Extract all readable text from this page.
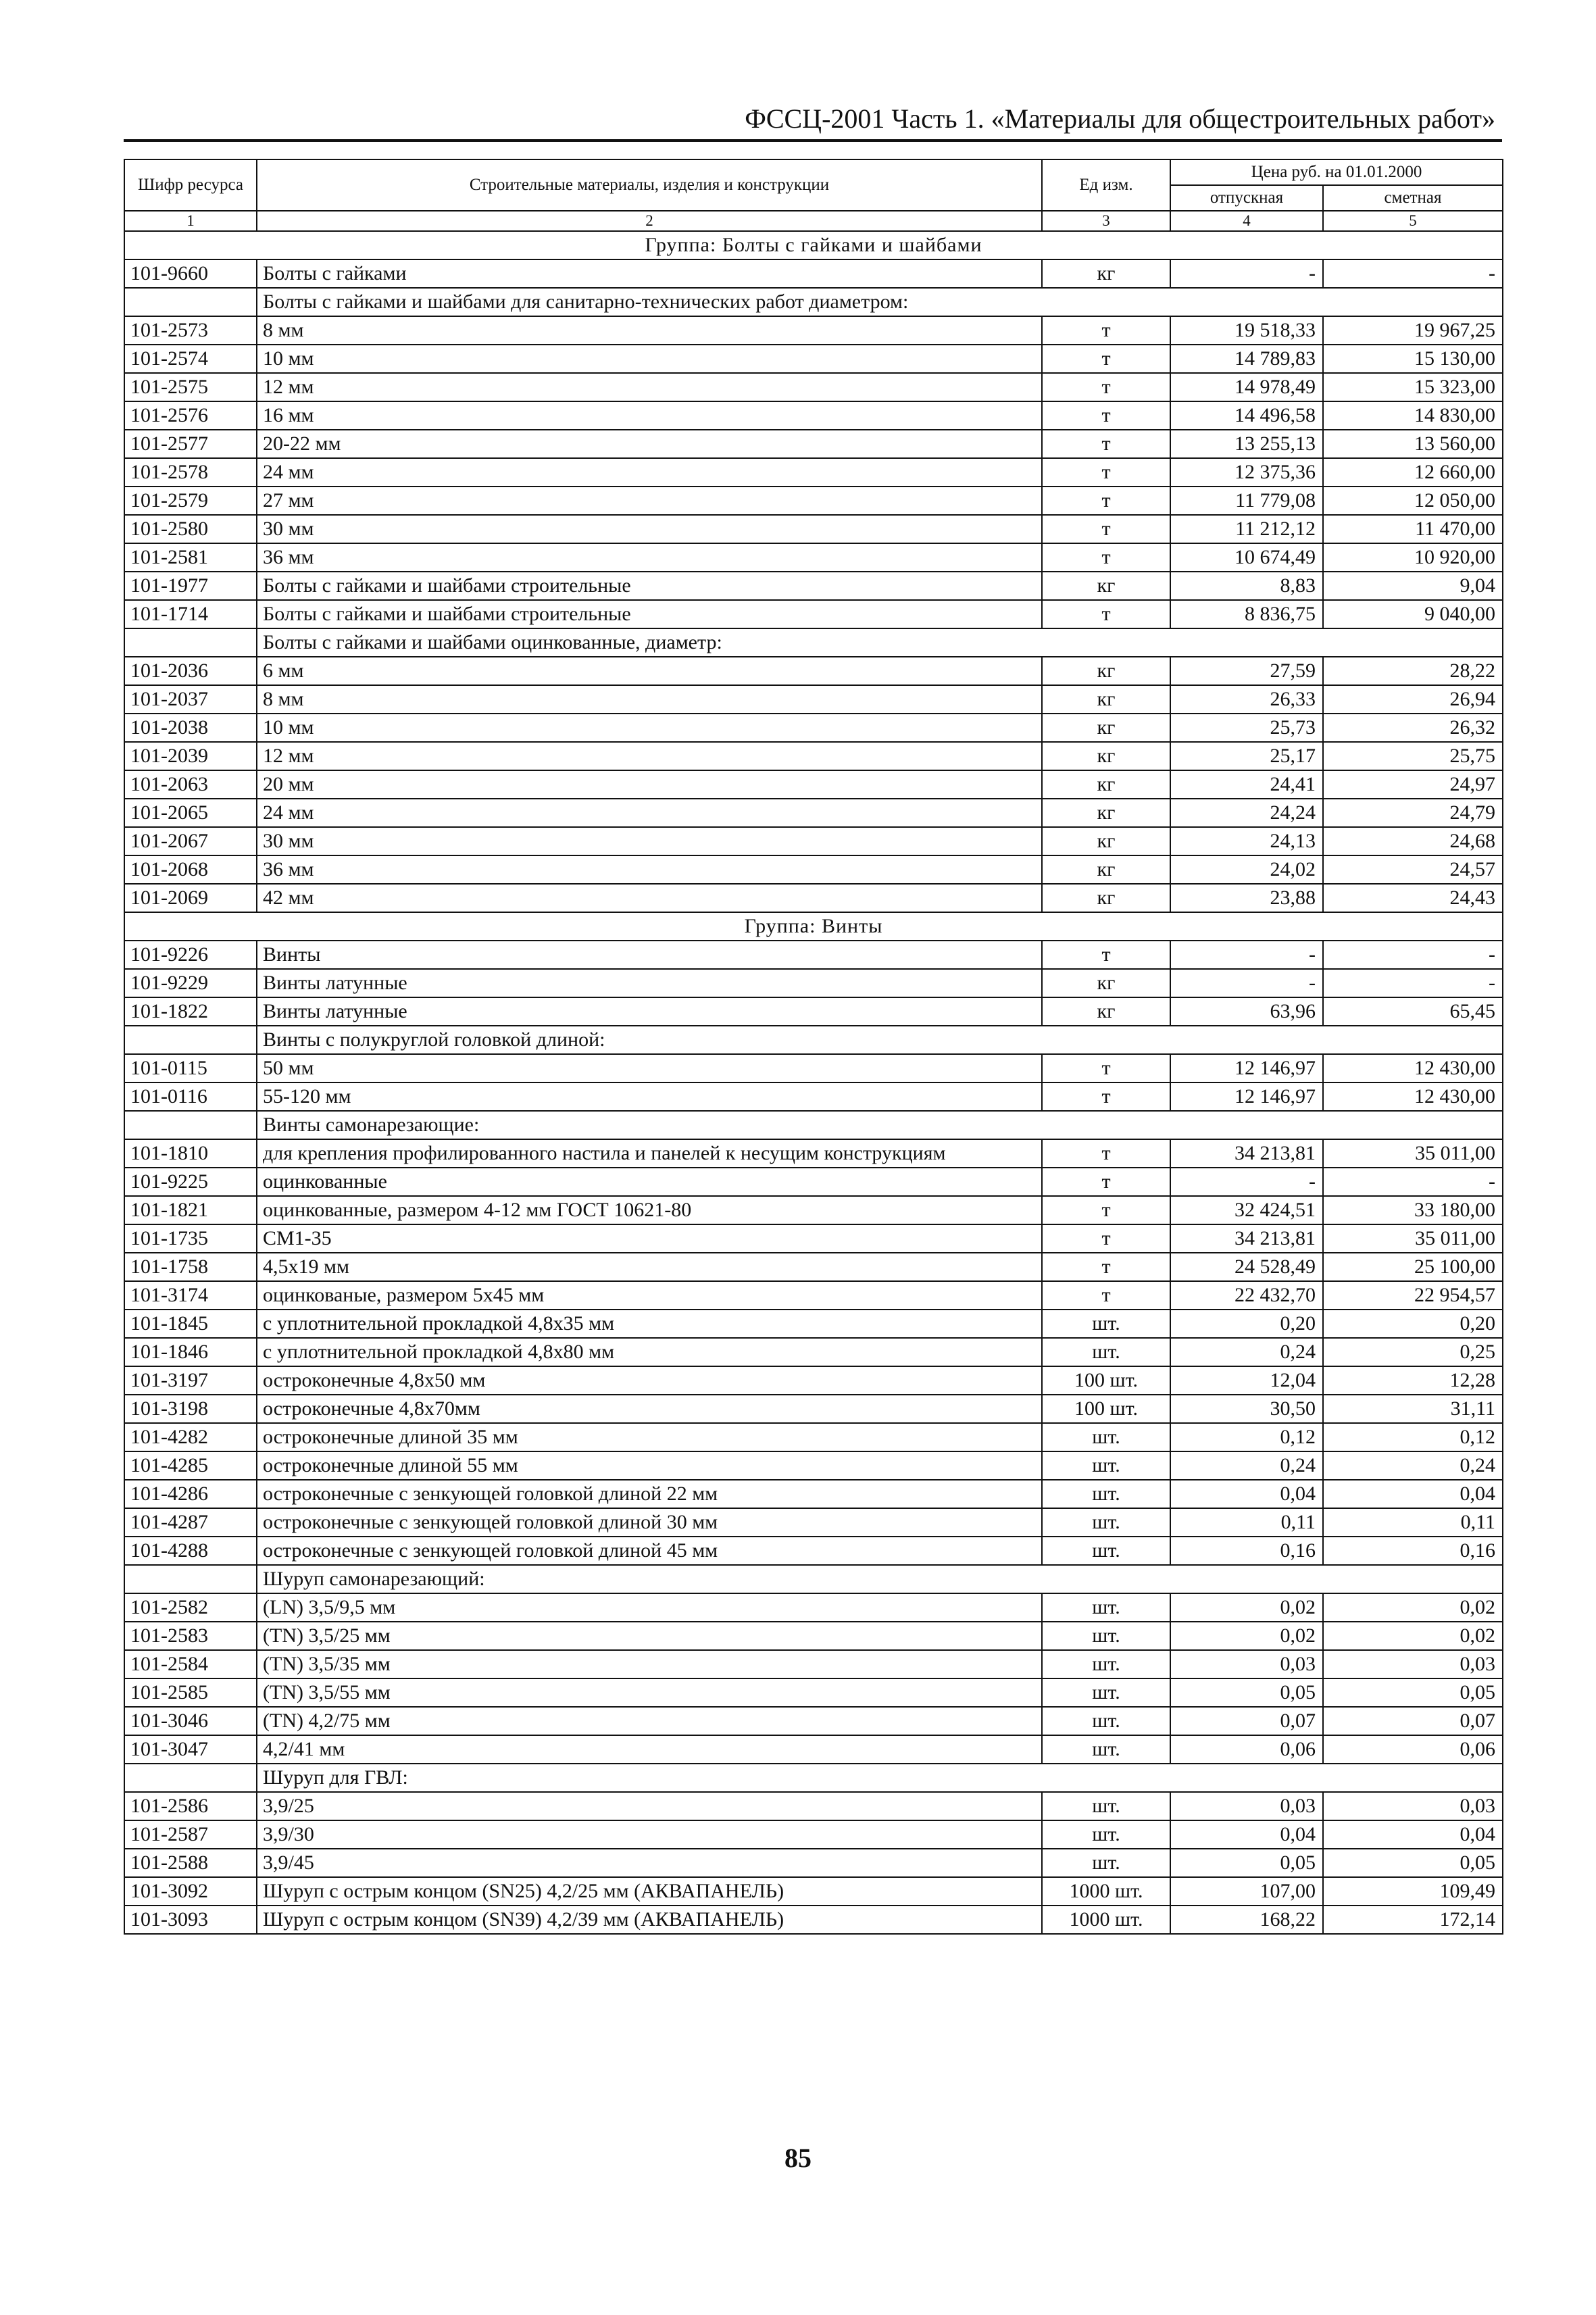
ФССЦ-2001 Часть 1. «Материалы для общестроительных работ»
Шифр ресурса	Строительные материалы, изделия и конструкции	Ед изм.	Цена руб. на 01.01.2000	
			отпускная	сметная
1	2	3	4	5
Группа: Болты с гайками и шайбами				
101-9660	Болты с гайками	кг	-	-
	Болты с гайками и шайбами для санитарно-технических работ диаметром:			
101-2573	8 мм	т	19 518,33	19 967,25
101-2574	10 мм	т	14 789,83	15 130,00
101-2575	12 мм	т	14 978,49	15 323,00
101-2576	16 мм	т	14 496,58	14 830,00
101-2577	20-22 мм	т	13 255,13	13 560,00
101-2578	24 мм	т	12 375,36	12 660,00
101-2579	27 мм	т	11 779,08	12 050,00
101-2580	30 мм	т	11 212,12	11 470,00
101-2581	36 мм	т	10 674,49	10 920,00
101-1977	Болты с гайками и шайбами строительные	кг	8,83	9,04
101-1714	Болты с гайками и шайбами строительные	т	8 836,75	9 040,00
	Болты с гайками и шайбами оцинкованные, диаметр:			
101-2036	6 мм	кг	27,59	28,22
101-2037	8 мм	кг	26,33	26,94
101-2038	10 мм	кг	25,73	26,32
101-2039	12 мм	кг	25,17	25,75
101-2063	20 мм	кг	24,41	24,97
101-2065	24 мм	кг	24,24	24,79
101-2067	30 мм	кг	24,13	24,68
101-2068	36 мм	кг	24,02	24,57
101-2069	42 мм	кг	23,88	24,43
Группа: Винты				
101-9226	Винты	т	-	-
101-9229	Винты латунные	кг	-	-
101-1822	Винты латунные	кг	63,96	65,45
	Винты с полукруглой головкой длиной:			
101-0115	50 мм	т	12 146,97	12 430,00
101-0116	55-120 мм	т	12 146,97	12 430,00
	Винты самонарезающие:			
101-1810	для крепления профилированного настила и панелей к несущим конструкциям	т	34 213,81	35 011,00
101-9225	оцинкованные	т	-	-
101-1821	оцинкованные, размером 4-12 мм ГОСТ 10621-80	т	32 424,51	33 180,00
101-1735	СМ1-35	т	34 213,81	35 011,00
101-1758	4,5x19 мм	т	24 528,49	25 100,00
101-3174	оцинкованые, размером 5х45 мм	т	22 432,70	22 954,57
101-1845	с уплотнительной прокладкой 4,8х35 мм	шт.	0,20	0,20
101-1846	с уплотнительной прокладкой 4,8х80 мм	шт.	0,24	0,25
101-3197	остроконечные 4,8х50 мм	100 шт.	12,04	12,28
101-3198	остроконечные 4,8х70мм	100 шт.	30,50	31,11
101-4282	остроконечные длиной 35 мм	шт.	0,12	0,12
101-4285	остроконечные длиной 55 мм	шт.	0,24	0,24
101-4286	остроконечные с зенкующей головкой длиной 22 мм	шт.	0,04	0,04
101-4287	остроконечные с зенкующей головкой длиной 30 мм	шт.	0,11	0,11
101-4288	остроконечные с зенкующей головкой длиной 45 мм	шт.	0,16	0,16
	Шуруп самонарезающий:			
101-2582	(LN) 3,5/9,5 мм	шт.	0,02	0,02
101-2583	(TN) 3,5/25 мм	шт.	0,02	0,02
101-2584	(TN) 3,5/35 мм	шт.	0,03	0,03
101-2585	(TN) 3,5/55 мм	шт.	0,05	0,05
101-3046	(TN) 4,2/75 мм	шт.	0,07	0,07
101-3047	4,2/41 мм	шт.	0,06	0,06
	Шуруп для ГВЛ:			
101-2586	3,9/25	шт.	0,03	0,03
101-2587	3,9/30	шт.	0,04	0,04
101-2588	3,9/45	шт.	0,05	0,05
101-3092	Шуруп с острым концом (SN25) 4,2/25 мм (АКВАПАНЕЛЬ)	1000 шт.	107,00	109,49
101-3093	Шуруп с острым концом (SN39) 4,2/39 мм (АКВАПАНЕЛЬ)	1000 шт.	168,22	172,14
85
